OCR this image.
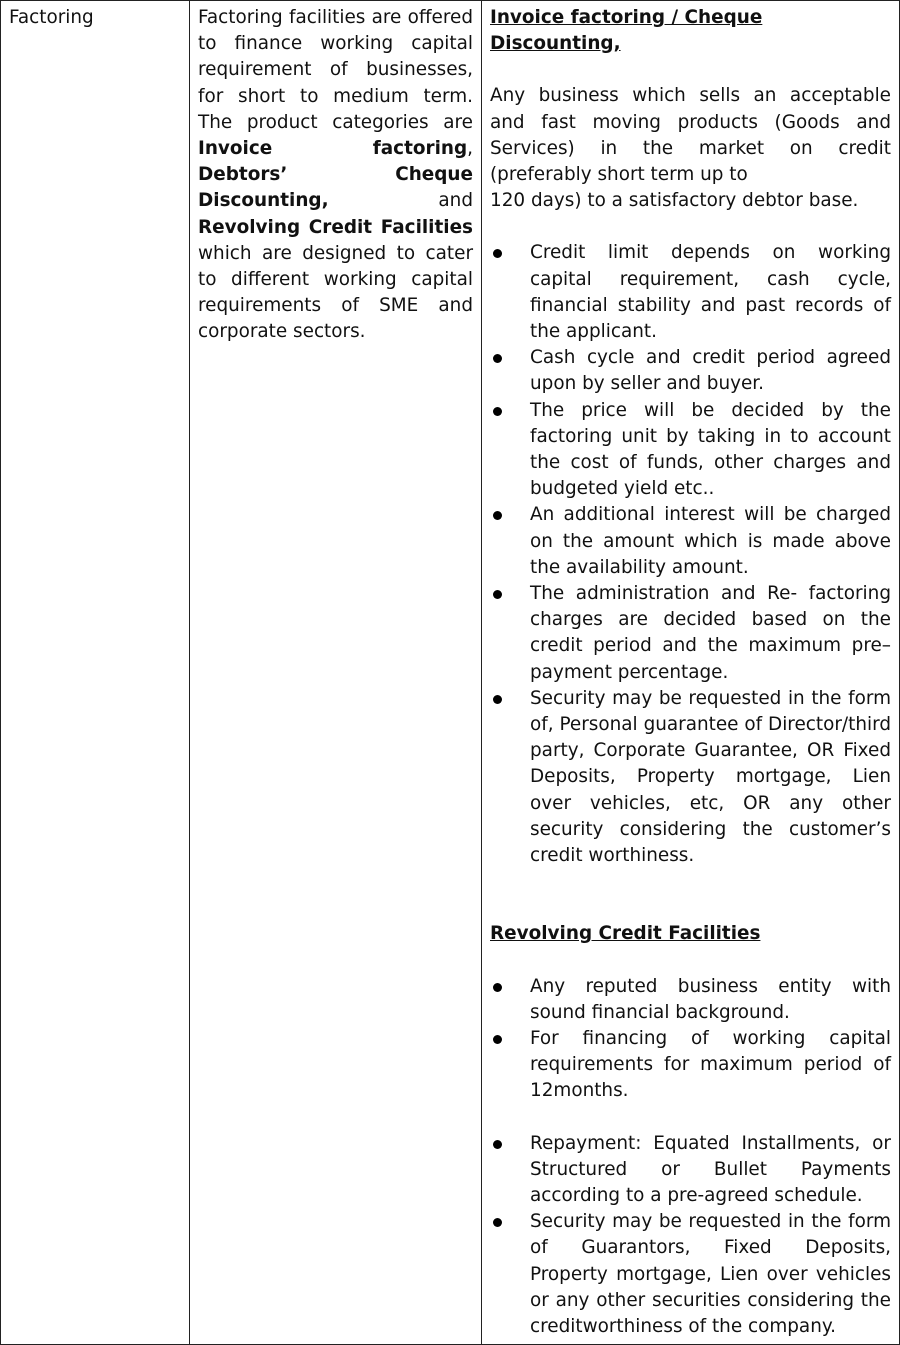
Factoring	Factoring facilities are offered to finance working capital requirement of businesses, for short to medium term. The product categories are Invoice factoring, Debtors’ Cheque Discounting, and Revolving Credit Facilities which are designed to cater to different working capital requirements of SME and corporate sectors.

Invoice factoring / Cheque Discounting,
Any business which sells an acceptable and fast moving products (Goods and Services) in the market on credit (preferably short term up to
120 days) to a satisfactory debtor base.
Credit limit depends on working capital requirement, cash cycle, financial stability and past records of the applicant.
Cash cycle and credit period agreed upon by seller and buyer.
The price will be decided by the factoring unit by taking in to account the cost of funds, other charges and budgeted yield etc..
An additional interest will be charged on the amount which is made above the availability amount.
The administration and Re- factoring charges are decided based on the credit period and the maximum pre– payment percentage.
Security may be requested in the form of, Personal guarantee of Director/third party, Corporate Guarantee, OR Fixed Deposits, Property mortgage, Lien over vehicles, etc, OR any other security considering the customer’s credit worthiness.
Revolving Credit Facilities
Any reputed business entity with sound financial background.
For financing of working capital requirements for maximum period of 12months.
Repayment: Equated Installments, or Structured or Bullet Payments according to a pre-agreed schedule.
Security may be requested in the form of Guarantors, Fixed Deposits, Property mortgage, Lien over vehicles or any other securities considering the creditworthiness of the company.
